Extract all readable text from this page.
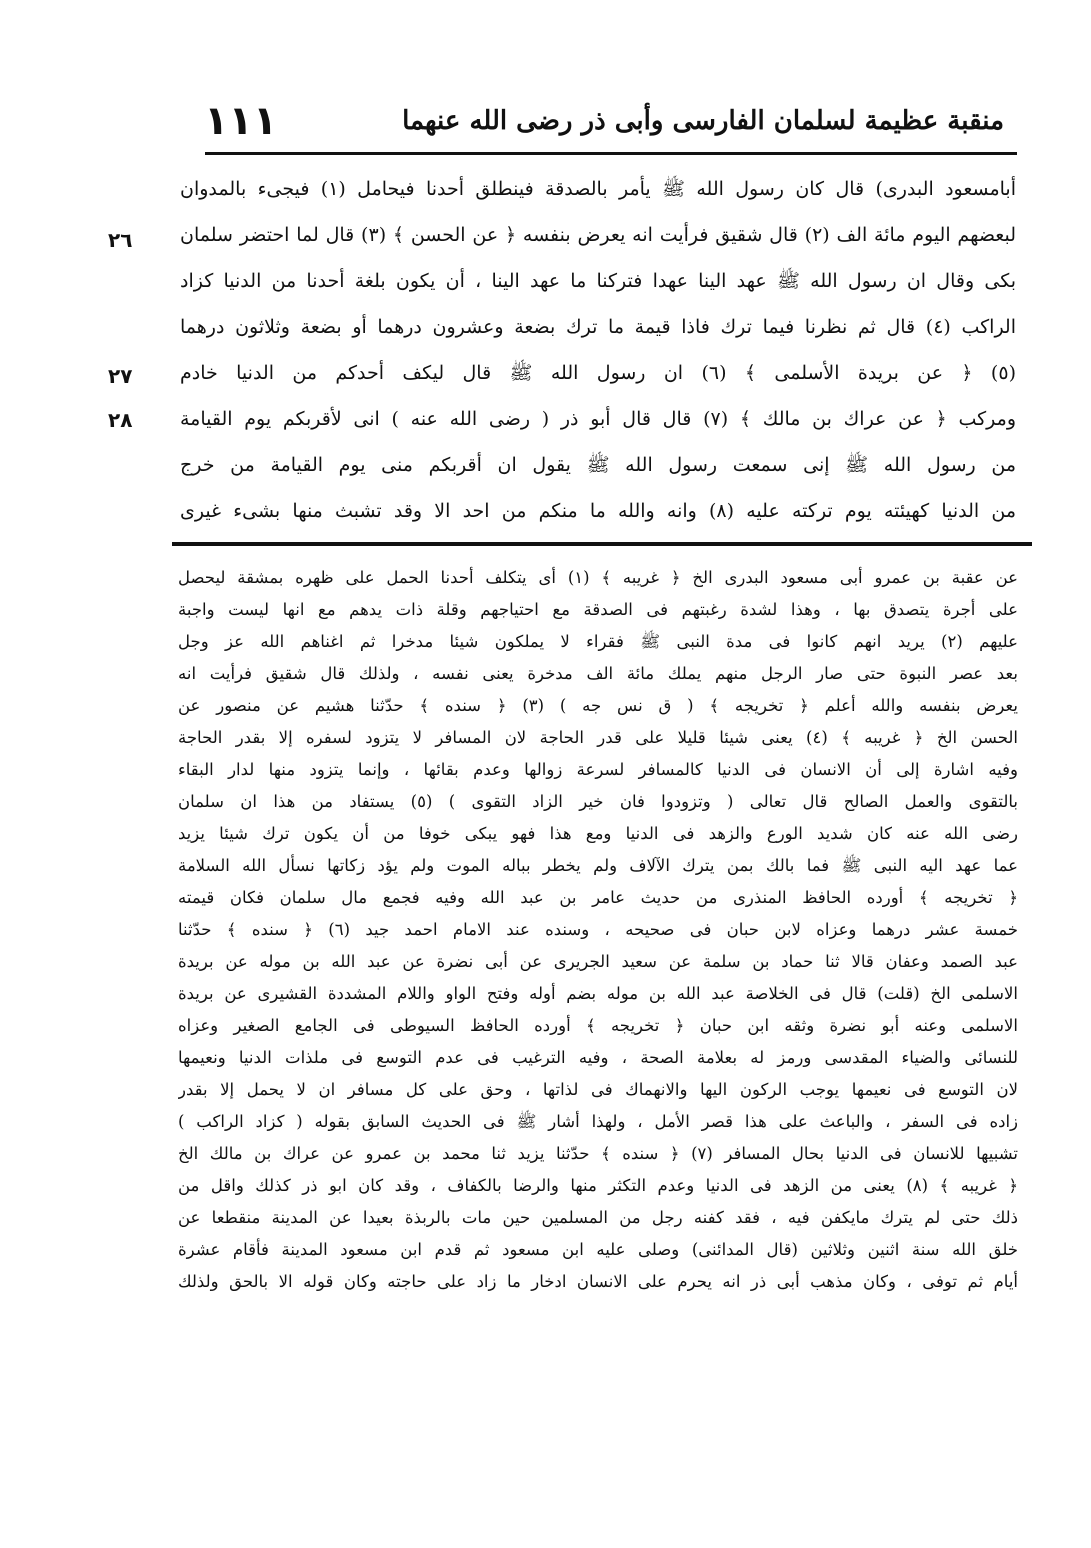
١١١	منقبة عظيمة لسلمان الفارسى وأبى ذر رضى الله عنهما
٢٦
٢٧
٢٨
أبامسعود البدرى) قال كان رسول الله ﷺ يأمر بالصدقة فينطلق أحدنا فيحامل (١) فيجىء بالمدوان
لبعضهم اليوم مائة الف (٢) قال شقيق فرأيت انه يعرض بنفسه ﴿ عن الحسن ﴾ (٣) قال لما احتضر سلمان
بكى وقال ان رسول الله ﷺ عهد الينا عهدا فتركنا ما عهد الينا ، أن يكون بلغة أحدنا من الدنيا كزاد
الراكب (٤) قال ثم نظرنا فيما ترك فاذا قيمة ما ترك بضعة وعشرون درهما أو بضعة وثلاثون درهما
(٥) ﴿ عن بريدة الأسلمى ﴾ (٦) ان رسول الله ﷺ قال ليكف أحدكم من الدنيا خادم
ومركب ﴿ عن عراك بن مالك ﴾ (٧) قال قال أبو ذر ( رضى الله عنه ) انى لأقربكم يوم القيامة
من رسول الله ﷺ إنى سمعت رسول الله ﷺ يقول ان أقربكم منى يوم القيامة من خرج
من الدنيا كهيئته يوم تركته عليه (٨) وانه والله ما منكم من احد الا وقد تشبث منها بشىء غيرى
عن عقبة بن عمرو أبى مسعود البدرى الخ ﴿ غريبه ﴾ (١) أى يتكلف أحدنا الحمل على ظهره بمشقة ليحصل
على أجرة يتصدق بها ، وهذا لشدة رغبتهم فى الصدقة مع احتياجهم وقلة ذات يدهم مع انها ليست واجبة
عليهم (٢) يريد انهم كانوا فى مدة النبى ﷺ فقراء لا يملكون شيئا مدخرا ثم اغناهم الله عز وجل
بعد عصر النبوة حتى صار الرجل منهم يملك مائة الف مدخرة يعنى نفسه ، ولذلك قال شقيق فرأيت انه
يعرض بنفسه والله أعلم ﴿ تخريجه ﴾ ( ق نس جه ) (٣) ﴿ سنده ﴾ حدّثنا هشيم عن منصور عن
الحسن الخ ﴿ غريبه ﴾ (٤) يعنى شيئا قليلا على قدر الحاجة لان المسافر لا يتزود لسفره إلا بقدر الحاجة
وفيه اشارة إلى أن الانسان فى الدنيا كالمسافر لسرعة زوالها وعدم بقائها ، وإنما يتزود منها لدار البقاء
بالتقوى والعمل الصالح قال تعالى ( وتزودوا فان خير الزاد التقوى ) (٥) يستفاد من هذا ان سلمان
رضى الله عنه كان شديد الورع والزهد فى الدنيا ومع هذا فهو يبكى خوفا من أن يكون ترك شيئا يزيد
عما عهد اليه النبى ﷺ فما بالك بمن يترك الآلاف ولم يخطر بباله الموت ولم يؤد زكاتها نسأل الله السلامة
﴿ تخريجه ﴾ أورده الحافظ المنذرى من حديث عامر بن عبد الله وفيه فجمع مال سلمان فكان قيمته
خمسة عشر درهما وعزاه لابن حبان فى صحيحه ، وسنده عند الامام احمد جيد (٦) ﴿ سنده ﴾ حدّثنا
عبد الصمد وعفان قالا ثنا حماد بن سلمة عن سعيد الجريرى عن أبى نضرة عن عبد الله بن موله عن بريدة
الاسلمى الخ (قلت) قال فى الخلاصة عبد الله بن موله بضم أوله وفتح الواو واللام المشددة القشيرى عن بريدة
الاسلمى وعنه أبو نضرة وثقه ابن حبان ﴿ تخريجه ﴾ أورده الحافظ السيوطى فى الجامع الصغير وعزاه
للنسائى والضياء المقدسى ورمز له بعلامة الصحة ، وفيه الترغيب فى عدم التوسع فى ملذات الدنيا ونعيمها
لان التوسع فى نعيمها يوجب الركون اليها والانهماك فى لذاتها ، وحق على كل مسافر ان لا يحمل إلا بقدر
زاده فى السفر ، والباعث على هذا قصر الأمل ، ولهذا أشار ﷺ فى الحديث السابق بقوله ( كزاد الراكب )
تشبيها للانسان فى الدنيا بحال المسافر (٧) ﴿ سنده ﴾ حدّثنا يزيد ثنا محمد بن عمرو عن عراك بن مالك الخ
﴿ غريبه ﴾ (٨) يعنى من الزهد فى الدنيا وعدم التكثر منها والرضا بالكفاف ، وقد كان ابو ذر كذلك واقل من
ذلك حتى لم يترك مايكفن فيه ، فقد كفنه رجل من المسلمين حين مات بالربذة بعيدا عن المدينة منقطعا عن
خلق الله سنة اثنين وثلاثين (قال المدائنى) وصلى عليه ابن مسعود ثم قدم ابن مسعود المدينة فأقام عشرة
أيام ثم توفى ، وكان مذهب أبى ذر انه يحرم على الانسان ادخار ما زاد على حاجته وكان قوله الا بالحق ولذلك
